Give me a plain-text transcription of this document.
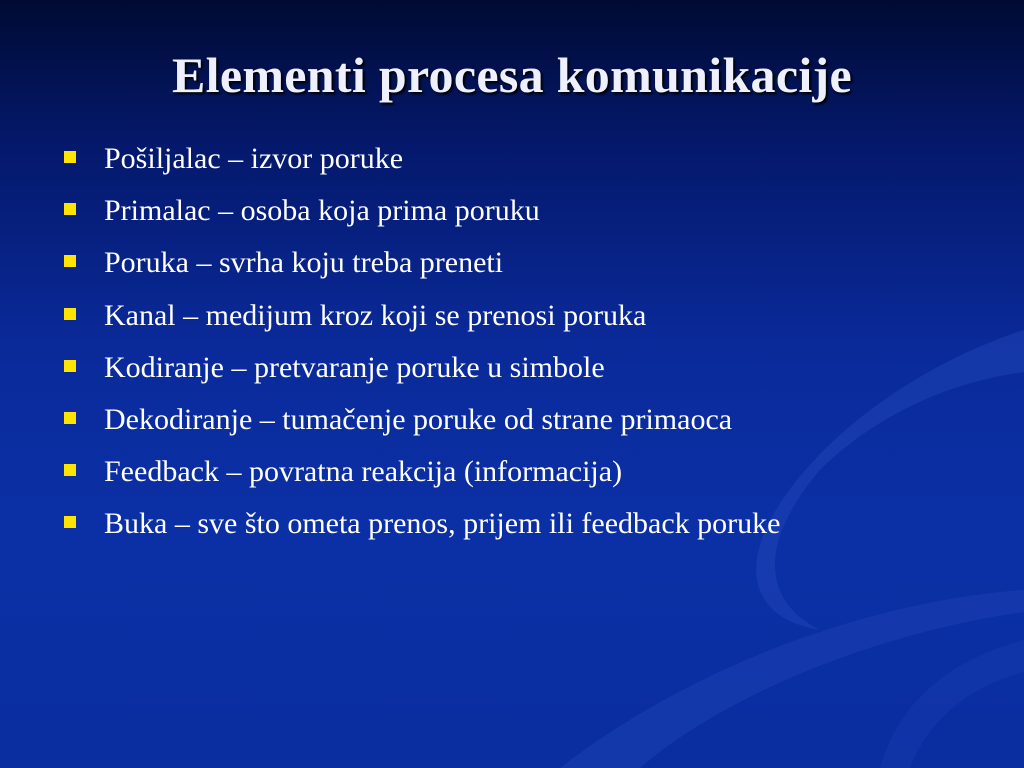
Elementi procesa komunikacije
Pošiljalac – izvor poruke
Primalac – osoba koja prima poruku
Poruka – svrha koju treba preneti
Kanal – medijum kroz koji se prenosi poruka
Kodiranje – pretvaranje poruke u simbole
Dekodiranje – tumačenje poruke od strane primaoca
Feedback – povratna reakcija (informacija)
Buka – sve što ometa prenos, prijem ili feedback poruke
